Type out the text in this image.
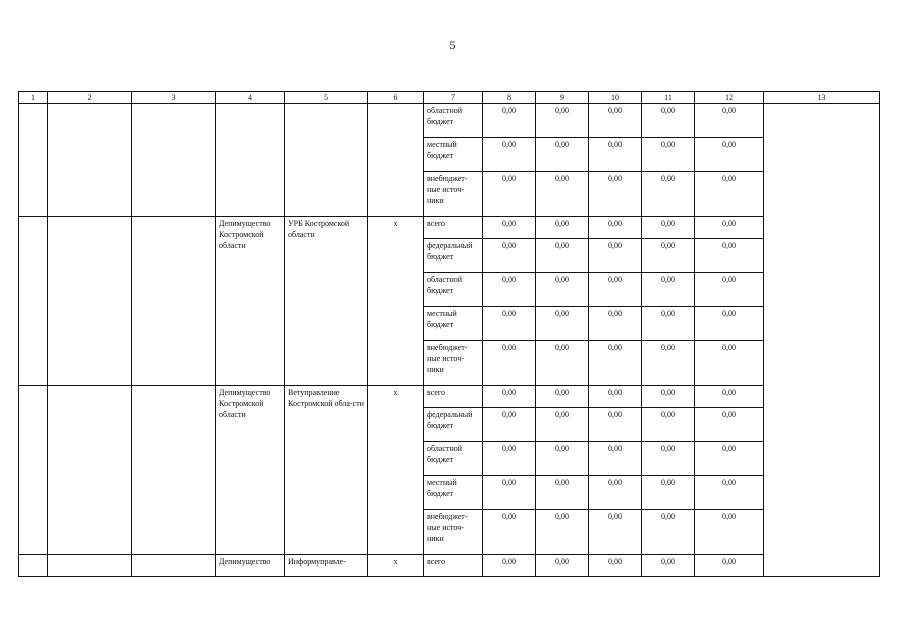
5
1	2	3	4	5	6	7	8	9	10	11	12	13
						областной бюджет	0,00	0,00	0,00	0,00	0,00	
						местный бюджет	0,00	0,00	0,00	0,00	0,00	
						внебюджет-ные источ-ники	0,00	0,00	0,00	0,00	0,00	
			Депимущество Костромской области	УРБ Костромской области	х	всего	0,00	0,00	0,00	0,00	0,00	
						федеральный бюджет	0,00	0,00	0,00	0,00	0,00	
						областной бюджет	0,00	0,00	0,00	0,00	0,00	
						местный бюджет	0,00	0,00	0,00	0,00	0,00	
						внебюджет-ные источ-ники	0,00	0,00	0,00	0,00	0,00	
			Депимущество Костромской области	Ветуправление Костромской обла-сти	х	всего	0,00	0,00	0,00	0,00	0,00	
						федеральный бюджет	0,00	0,00	0,00	0,00	0,00	
						областной бюджет	0,00	0,00	0,00	0,00	0,00	
						местный бюджет	0,00	0,00	0,00	0,00	0,00	
						внебюджет-ные источ-ники	0,00	0,00	0,00	0,00	0,00	
			Депимущество	Информуправле-	х	всего	0,00	0,00	0,00	0,00	0,00	
